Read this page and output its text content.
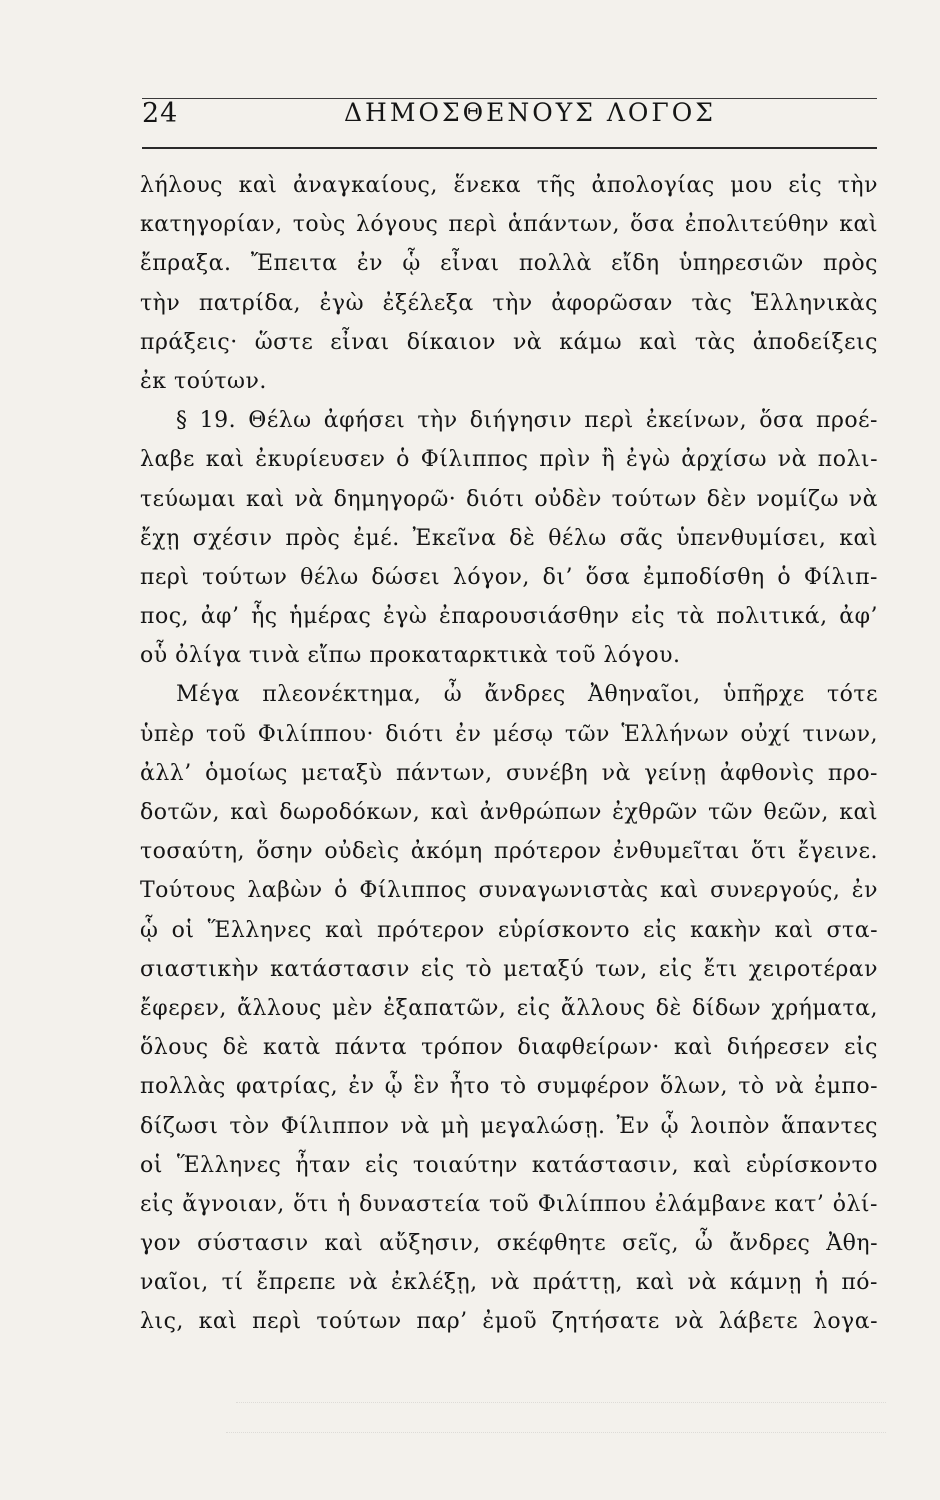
24	ΔΗΜΟΣΘΕΝΟΥΣ ΛΟΓΟΣ
λήλους καὶ ἀναγκαίους, ἕνεκα τῆς ἀπολογίας μου εἰς τὴν
κατηγορίαν, τοὺς λόγους περὶ ἁπάντων, ὅσα ἐπολιτεύθην καὶ
ἔπραξα. Ἔπειτα ἐν ᾧ εἶναι πολλὰ εἴδη ὑπηρεσιῶν πρὸς
τὴν πατρίδα, ἐγὼ ἐξέλεξα τὴν ἀφορῶσαν τὰς Ἑλληνικὰς
πράξεις· ὥστε εἶναι δίκαιον νὰ κάμω καὶ τὰς ἀποδείξεις
ἐκ τούτων.
§ 19. Θέλω ἀφήσει τὴν διήγησιν περὶ ἐκείνων, ὅσα προέ-
λαβε καὶ ἐκυρίευσεν ὁ Φίλιππος πρὶν ἢ ἐγὼ ἀρχίσω νὰ πολι-
τεύωμαι καὶ νὰ δημηγορῶ· διότι οὐδὲν τούτων δὲν νομίζω νὰ
ἔχῃ σχέσιν πρὸς ἐμέ. Ἐκεῖνα δὲ θέλω σᾶς ὑπενθυμίσει, καὶ
περὶ τούτων θέλω δώσει λόγον, δι’ ὅσα ἐμποδίσθη ὁ Φίλιπ-
πος, ἀφ’ ἧς ἡμέρας ἐγὼ ἐπαρουσιάσθην εἰς τὰ πολιτικά, ἀφ’
οὗ ὀλίγα τινὰ εἴπω προκαταρκτικὰ τοῦ λόγου.
Μέγα πλεονέκτημα, ὦ ἄνδρες Ἀθηναῖοι, ὑπῆρχε τότε
ὑπὲρ τοῦ Φιλίππου· διότι ἐν μέσῳ τῶν Ἑλλήνων οὐχί τινων,
ἀλλ’ ὁμοίως μεταξὺ πάντων, συνέβη νὰ γείνῃ ἀφθονὶς προ-
δοτῶν, καὶ δωροδόκων, καὶ ἀνθρώπων ἐχθρῶν τῶν θεῶν, καὶ
τοσαύτη, ὅσην οὐδεὶς ἀκόμη πρότερον ἐνθυμεῖται ὅτι ἔγεινε.
Τούτους λαβὼν ὁ Φίλιππος συναγωνιστὰς καὶ συνεργούς, ἐν
ᾧ οἱ Ἕλληνες καὶ πρότερον εὑρίσκοντο εἰς κακὴν καὶ στα-
σιαστικὴν κατάστασιν εἰς τὸ μεταξύ των, εἰς ἔτι χειροτέραν
ἔφερεν, ἄλλους μὲν ἐξαπατῶν, εἰς ἄλλους δὲ δίδων χρήματα,
ὅλους δὲ κατὰ πάντα τρόπον διαφθείρων· καὶ διήρεσεν εἰς
πολλὰς φατρίας, ἐν ᾧ ἓν ἦτο τὸ συμφέρον ὅλων, τὸ νὰ ἐμπο-
δίζωσι τὸν Φίλιππον νὰ μὴ μεγαλώσῃ. Ἐν ᾧ λοιπὸν ἅπαντες
οἱ Ἕλληνες ἦταν εἰς τοιαύτην κατάστασιν, καὶ εὑρίσκοντο
εἰς ἄγνοιαν, ὅτι ἡ δυναστεία τοῦ Φιλίππου ἐλάμβανε κατ’ ὀλί-
γον σύστασιν καὶ αὔξησιν, σκέφθητε σεῖς, ὦ ἄνδρες Ἀθη-
ναῖοι, τί ἔπρεπε νὰ ἐκλέξῃ, νὰ πράττῃ, καὶ νὰ κάμνῃ ἡ πό-
λις, καὶ περὶ τούτων παρ’ ἐμοῦ ζητήσατε νὰ λάβετε λογα-
